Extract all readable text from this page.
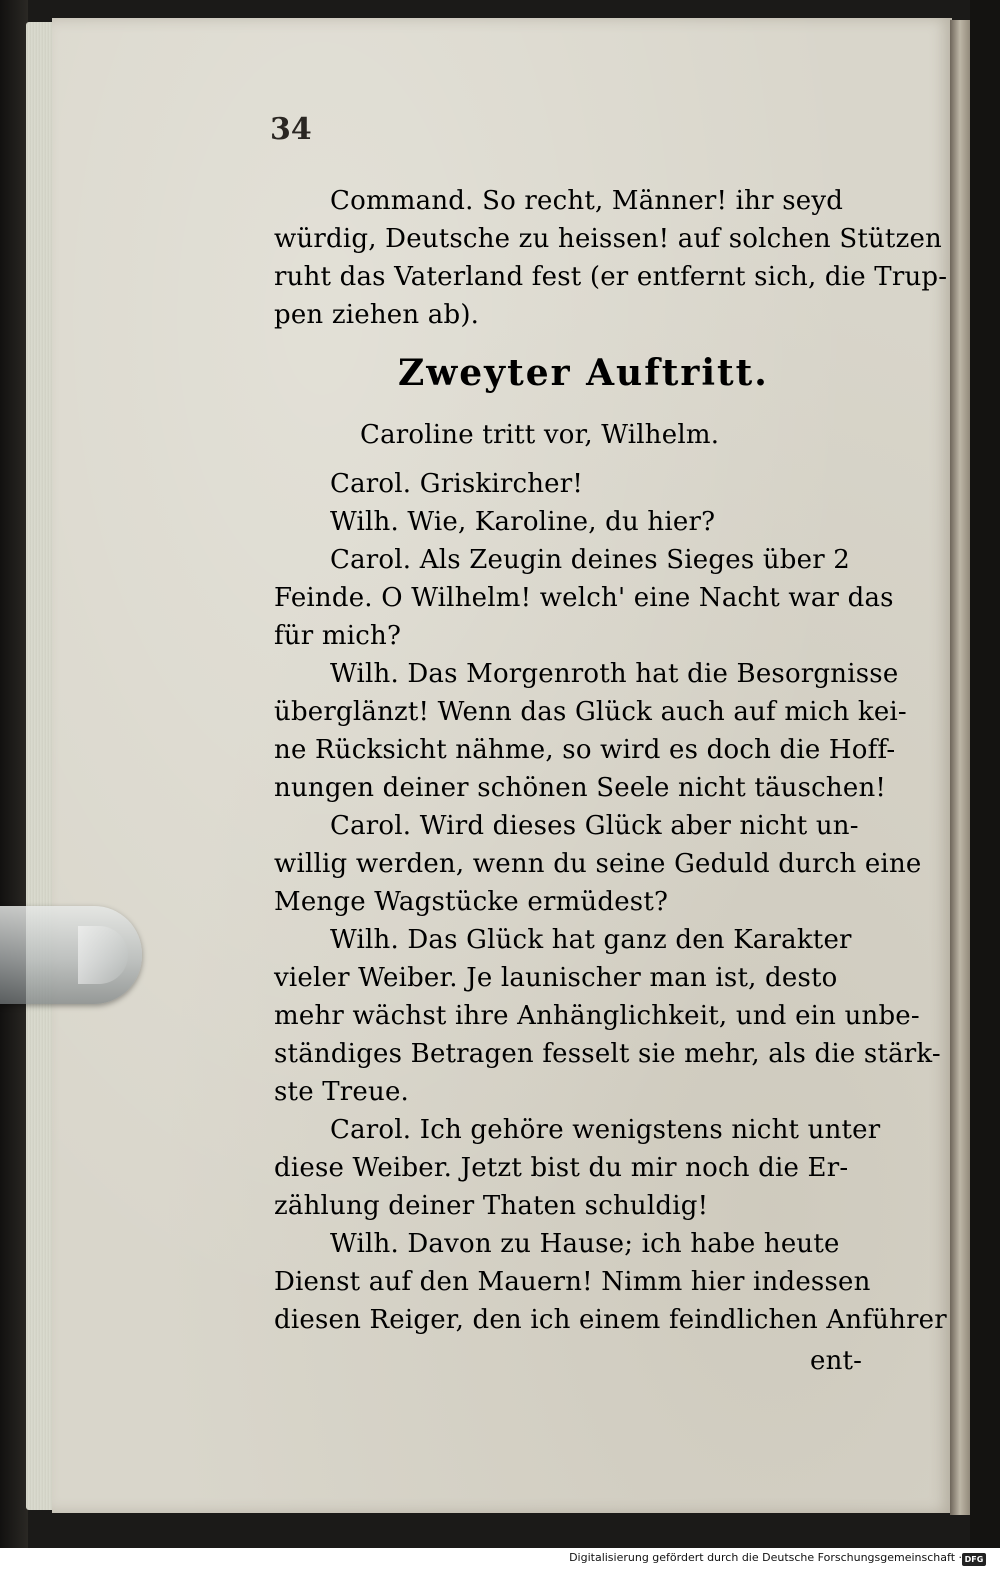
34
Command. So recht, Männer! ihr seyd
würdig, Deutsche zu heissen! auf solchen Stützen
ruht das Vaterland fest (er entfernt sich, die Trup-
pen ziehen ab).
Zweyter Auftritt.
Caroline tritt vor, Wilhelm.
Carol. Griskircher!
Wilh. Wie, Karoline, du hier?
Carol. Als Zeugin deines Sieges über 2
Feinde. O Wilhelm! welch' eine Nacht war das
für mich?
Wilh. Das Morgenroth hat die Besorgnisse
überglänzt! Wenn das Glück auch auf mich kei-
ne Rücksicht nähme, so wird es doch die Hoff-
nungen deiner schönen Seele nicht täuschen!
Carol. Wird dieses Glück aber nicht un-
willig werden, wenn du seine Geduld durch eine
Menge Wagstücke ermüdest?
Wilh. Das Glück hat ganz den Karakter
vieler Weiber. Je launischer man ist, desto
mehr wächst ihre Anhänglichkeit, und ein unbe-
ständiges Betragen fesselt sie mehr, als die stärk-
ste Treue.
Carol. Ich gehöre wenigstens nicht unter
diese Weiber. Jetzt bist du mir noch die Er-
zählung deiner Thaten schuldig!
Wilh. Davon zu Hause; ich habe heute
Dienst auf den Mauern! Nimm hier indessen
diesen Reiger, den ich einem feindlichen Anführer
ent-
Digitalisierung gefördert durch die Deutsche Forschungsgemeinschaft · DFG
